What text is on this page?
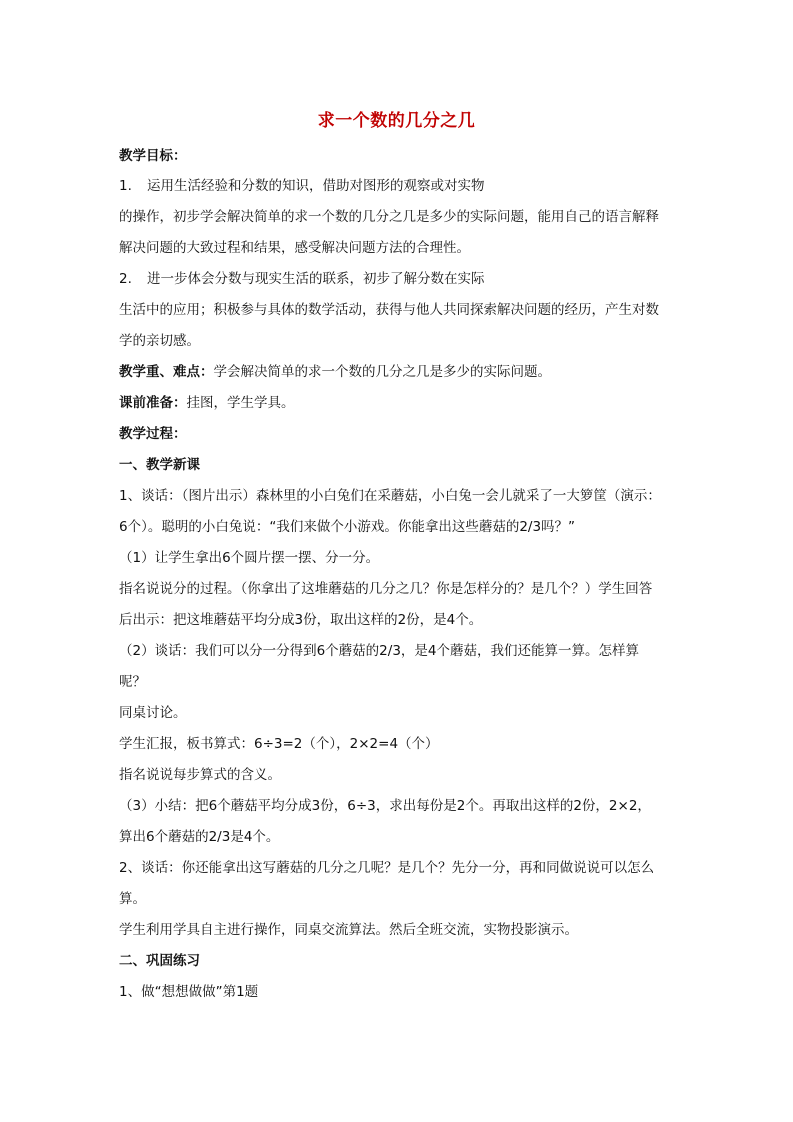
求一个数的几分之几
教学目标：
1. 运用生活经验和分数的知识，借助对图形的观察或对实物
的操作，初步学会解决简单的求一个数的几分之几是多少的实际问题，能用自己的语言解释
解决问题的大致过程和结果，感受解决问题方法的合理性。
2. 进一步体会分数与现实生活的联系，初步了解分数在实际
生活中的应用；积极参与具体的数学活动，获得与他人共同探索解决问题的经历，产生对数
学的亲切感。
教学重、难点：学会解决简单的求一个数的几分之几是多少的实际问题。
课前准备：挂图，学生学具。
教学过程：
一、教学新课
1、谈话：（图片出示）森林里的小白兔们在采蘑菇，小白兔一会儿就采了一大箩筐（演示：
6个）。聪明的小白兔说：“我们来做个小游戏。你能拿出这些蘑菇的2/3吗？”
（1）让学生拿出6个圆片摆一摆、分一分。
指名说说分的过程。（你拿出了这堆蘑菇的几分之几？你是怎样分的？是几个？）学生回答
后出示：把这堆蘑菇平均分成3份，取出这样的2份，是4个。
（2）谈话：我们可以分一分得到6个蘑菇的2/3，是4个蘑菇，我们还能算一算。怎样算
呢？
同桌讨论。
学生汇报，板书算式：6÷3=2（个），2×2=4（个）
指名说说每步算式的含义。
（3）小结：把6个蘑菇平均分成3份，6÷3，求出每份是2个。再取出这样的2份，2×2，
算出6个蘑菇的2/3是4个。
2、谈话：你还能拿出这写蘑菇的几分之几呢？是几个？先分一分，再和同做说说可以怎么
算。
学生利用学具自主进行操作，同桌交流算法。然后全班交流，实物投影演示。
二、巩固练习
1、做“想想做做”第1题
